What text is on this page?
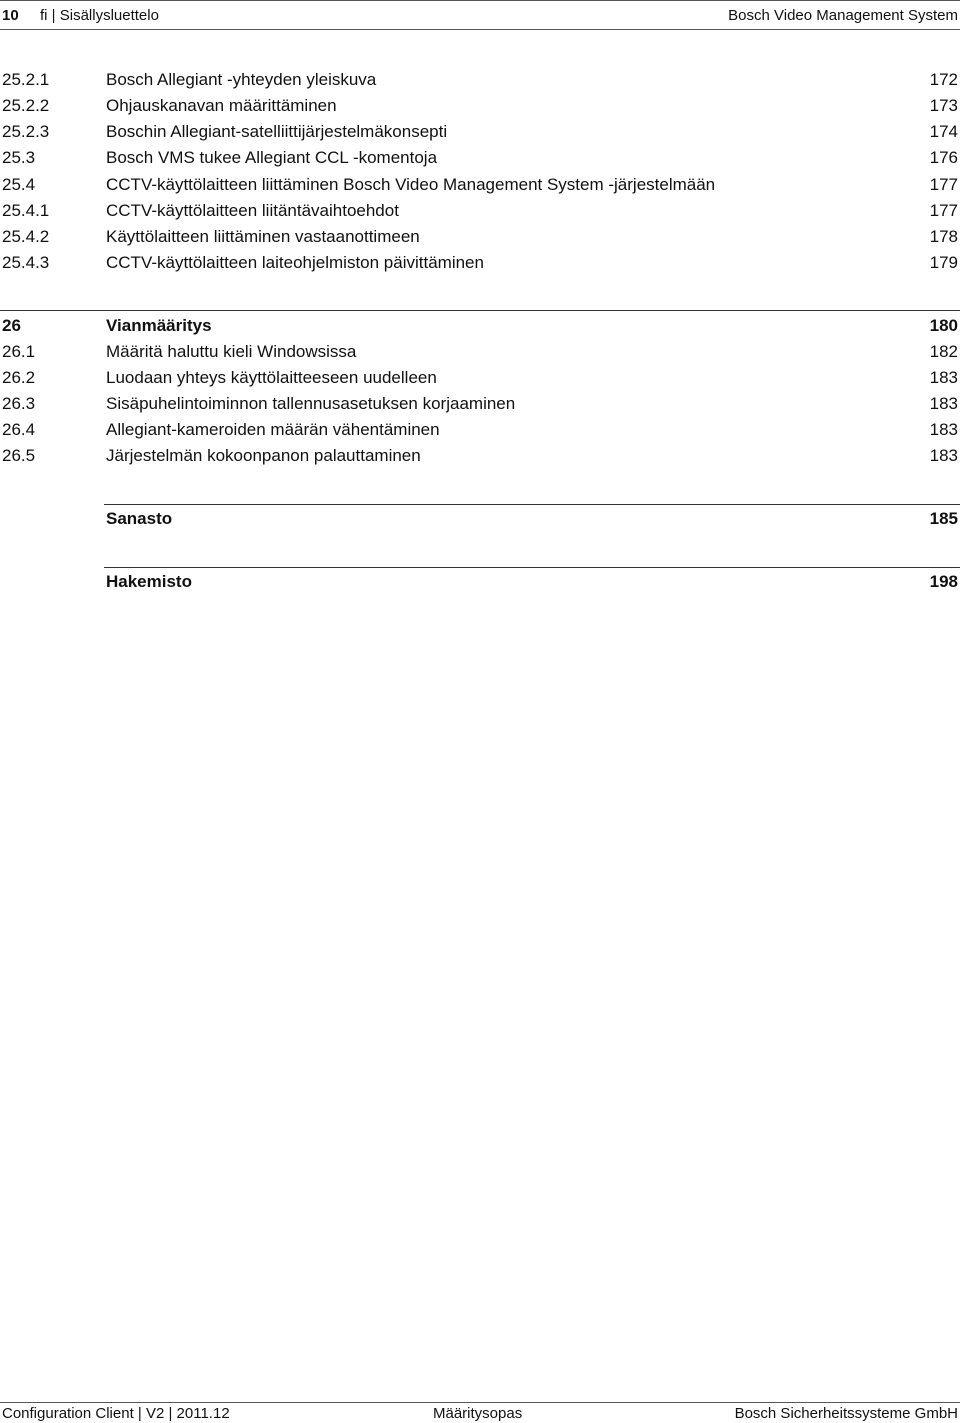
10 fi | Sisällysluettelo	Bosch Video Management System
25.2.1	Bosch Allegiant -yhteyden yleiskuva	172
25.2.2	Ohjauskanavan määrittäminen	173
25.2.3	Boschin Allegiant-satelliittijärjestelmäkonsepti	174
25.3	Bosch VMS tukee Allegiant CCL -komentoja	176
25.4	CCTV-käyttölaitteen liittäminen Bosch Video Management System -järjestelmään	177
25.4.1	CCTV-käyttölaitteen liitäntävaihtoehdot	177
25.4.2	Käyttölaitteen liittäminen vastaanottimeen	178
25.4.3	CCTV-käyttölaitteen laiteohjelmiston päivittäminen	179
26	Vianmääritys	180
26.1	Määritä haluttu kieli Windowsissa	182
26.2	Luodaan yhteys käyttölaitteeseen uudelleen	183
26.3	Sisäpuhelintoiminnon tallennusasetuksen korjaaminen	183
26.4	Allegiant-kameroiden määrän vähentäminen	183
26.5	Järjestelmän kokoonpanon palauttaminen	183
Sanasto	185
Hakemisto	198
Configuration Client | V2 | 2011.12	Määritysopas	Bosch Sicherheitssysteme GmbH
